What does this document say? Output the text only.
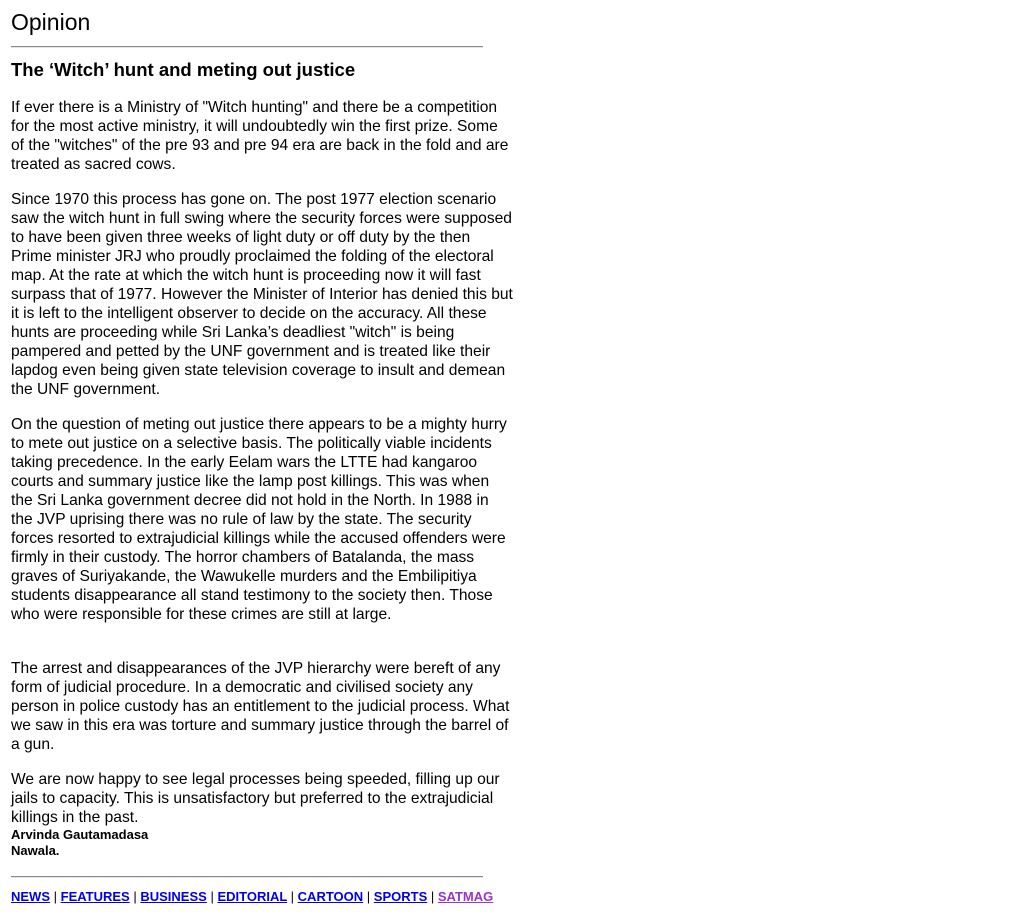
Opinion
The ‘Witch’ hunt and meting out justice

If ever there is a Ministry of "Witch hunting" and there be a competition for the most active ministry, it will undoubtedly win the first prize. Some of the "witches" of the pre 93 and pre 94 era are back in the fold and are treated as sacred cows.

Since 1970 this process has gone on. The post 1977 election scenario saw the witch hunt in full swing where the security forces were supposed to have been given three weeks of light duty or off duty by the then Prime minister JRJ who proudly proclaimed the folding of the electoral map. At the rate at which the witch hunt is proceeding now it will fast surpass that of 1977. However the Minister of Interior has denied this but it is left to the intelligent observer to decide on the accuracy. All these hunts are proceeding while Sri Lanka’s deadliest "witch" is being pampered and petted by the UNF government and is treated like their lapdog even being given state television coverage to insult and demean the UNF government.

On the question of meting out justice there appears to be a mighty hurry to mete out justice on a selective basis. The politically viable incidents taking precedence. In the early Eelam wars the LTTE had kangaroo courts and summary justice like the lamp post killings. This was when the Sri Lanka government decree did not hold in the North. In 1988 in the JVP uprising there was no rule of law by the state. The security forces resorted to extrajudicial killings while the accused offenders were firmly in their custody. The horror chambers of Batalanda, the mass graves of Suriyakande, the Wawukelle murders and the Embilipitiya students disappearance all stand testimony to the society then. Those who were responsible for these crimes are still at large.

The arrest and disappearances of the JVP hierarchy were bereft of any form of judicial procedure. In a democratic and civilised society any person in police custody has an entitlement to the judicial process. What we saw in this era was torture and summary justice through the barrel of a gun.

We are now happy to see legal processes being speeded, filling up our jails to capacity. This is unsatisfactory but preferred to the extrajudicial killings in the past.

Arvinda Gautamadasa
Nawala.
NEWS | FEATURES | BUSINESS | EDITORIAL | CARTOON | SPORTS | SATMAG
